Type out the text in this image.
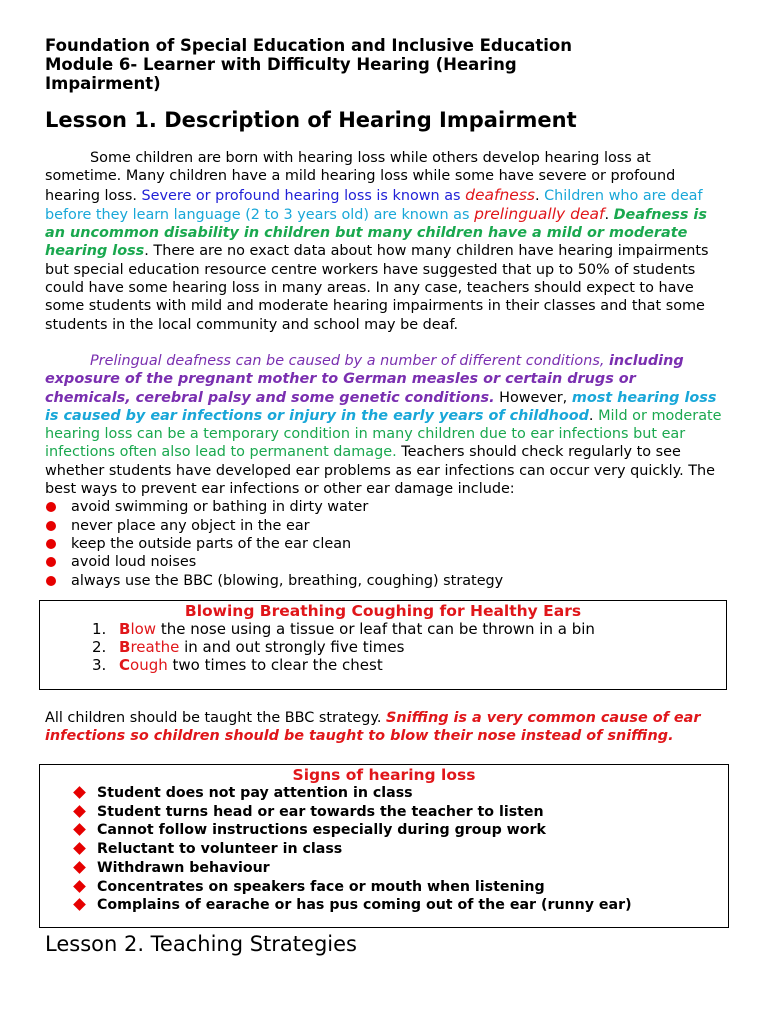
Foundation of Special Education and Inclusive Education
Module 6- Learner with Difficulty Hearing (Hearing
Impairment)

Lesson 1. Description of Hearing Impairment

Some children are born with hearing loss while others develop hearing loss at sometime. Many children have a mild hearing loss while some have severe or profound hearing loss. Severe or profound hearing loss is known as deafness. Children who are deaf before they learn language (2 to 3 years old) are known as prelingually deaf. Deafness is an uncommon disability in children but many children have a mild or moderate hearing loss. There are no exact data about how many children have hearing impairments but special education resource centre workers have suggested that up to 50% of students could have some hearing loss in many areas. In any case, teachers should expect to have some students with mild and moderate hearing impairments in their classes and that some students in the local community and school may be deaf.

Prelingual deafness can be caused by a number of different conditions, including exposure of the pregnant mother to German measles or certain drugs or chemicals, cerebral palsy and some genetic conditions. However, most hearing loss is caused by ear infections or injury in the early years of childhood. Mild or moderate hearing loss can be a temporary condition in many children due to ear infections but ear infections often also lead to permanent damage. Teachers should check regularly to see whether students have developed ear problems as ear infections can occur very quickly. The best ways to prevent ear infections or other ear damage include:

avoid swimming or bathing in dirty water
never place any object in the ear
keep the outside parts of the ear clean
avoid loud noises
always use the BBC (blowing, breathing, coughing) strategy
Blowing Breathing Coughing for Healthy Ears
1. Blow the nose using a tissue or leaf that can be thrown in a bin
2. Breathe in and out strongly five times
3. Cough two times to clear the chest

All children should be taught the BBC strategy. Sniffing is a very common cause of ear infections so children should be taught to blow their nose instead of sniffing.

Signs of hearing loss
Student does not pay attention in class
Student turns head or ear towards the teacher to listen
Cannot follow instructions especially during group work
Reluctant to volunteer in class
Withdrawn behaviour
Concentrates on speakers face or mouth when listening
Complains of earache or has pus coming out of the ear (runny ear)
Lesson 2. Teaching Strategies
